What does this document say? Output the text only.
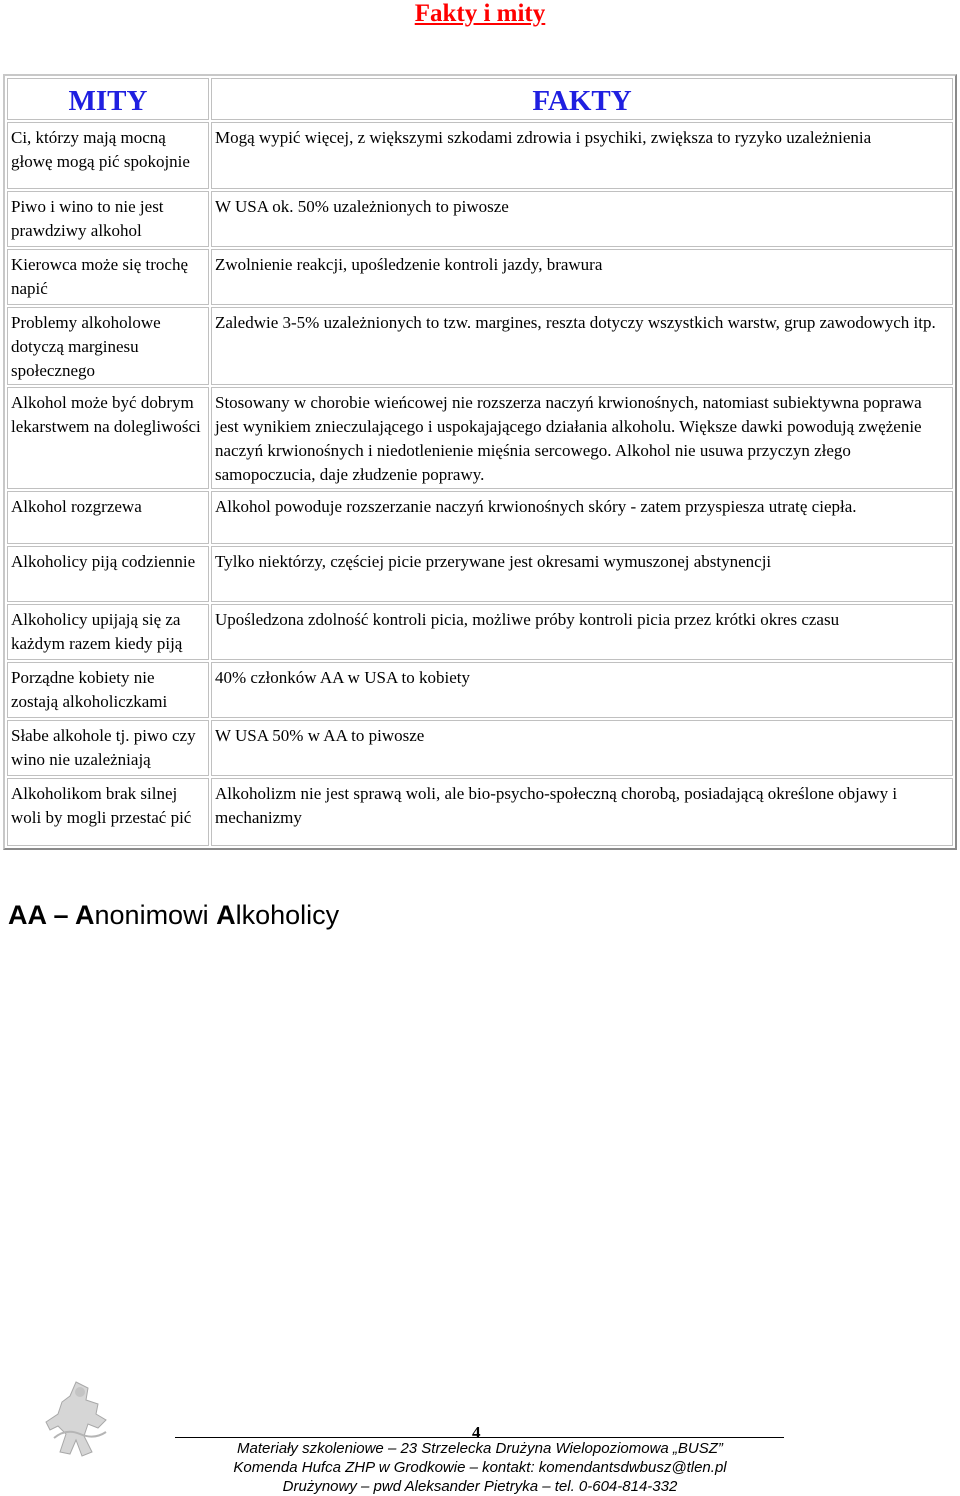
Fakty i mity
MITY	FAKTY
Ci, którzy mają mocną głowę mogą pić spokojnie	Mogą wypić więcej, z większymi szkodami zdrowia i psychiki, zwiększa to ryzyko uzależnienia
Piwo i wino to nie jest prawdziwy alkohol	W USA ok. 50% uzależnionych to piwosze
Kierowca może się trochę napić	Zwolnienie reakcji, upośledzenie kontroli jazdy, brawura
Problemy alkoholowe dotyczą marginesu społecznego	Zaledwie 3-5% uzależnionych to tzw. margines, reszta dotyczy wszystkich warstw, grup zawodowych itp.
Alkohol może być dobrym lekarstwem na dolegliwości	Stosowany w chorobie wieńcowej nie rozszerza naczyń krwionośnych, natomiast subiektywna poprawa jest wynikiem znieczulającego i uspokajającego działania alkoholu. Większe dawki powodują zwężenie naczyń krwionośnych i niedotlenienie mięśnia sercowego. Alkohol nie usuwa przyczyn złego samopoczucia, daje złudzenie poprawy.
Alkohol rozgrzewa	Alkohol powoduje rozszerzanie naczyń krwionośnych skóry - zatem przyspiesza utratę ciepła.
Alkoholicy piją codziennie	Tylko niektórzy, częściej picie przerywane jest okresami wymuszonej abstynencji
Alkoholicy upijają się za każdym razem kiedy piją	Upośledzona zdolność kontroli picia, możliwe próby kontroli picia przez krótki okres czasu
Porządne kobiety nie zostają alkoholiczkami	40% członków AA w USA to kobiety
Słabe alkohole tj. piwo czy wino nie uzależniają	W USA 50% w AA to piwosze
Alkoholikom brak silnej woli by mogli przestać pić	Alkoholizm nie jest sprawą woli, ale bio-psycho-społeczną chorobą, posiadającą określone objawy i mechanizmy
AA – Anonimowi Alkoholicy
4
Materiały szkoleniowe – 23 Strzelecka Drużyna Wielopoziomowa „BUSZ”
Komenda Hufca ZHP w Grodkowie – kontakt: komendantsdwbusz@tlen.pl
Drużynowy – pwd Aleksander Pietryka – tel. 0-604-814-332
